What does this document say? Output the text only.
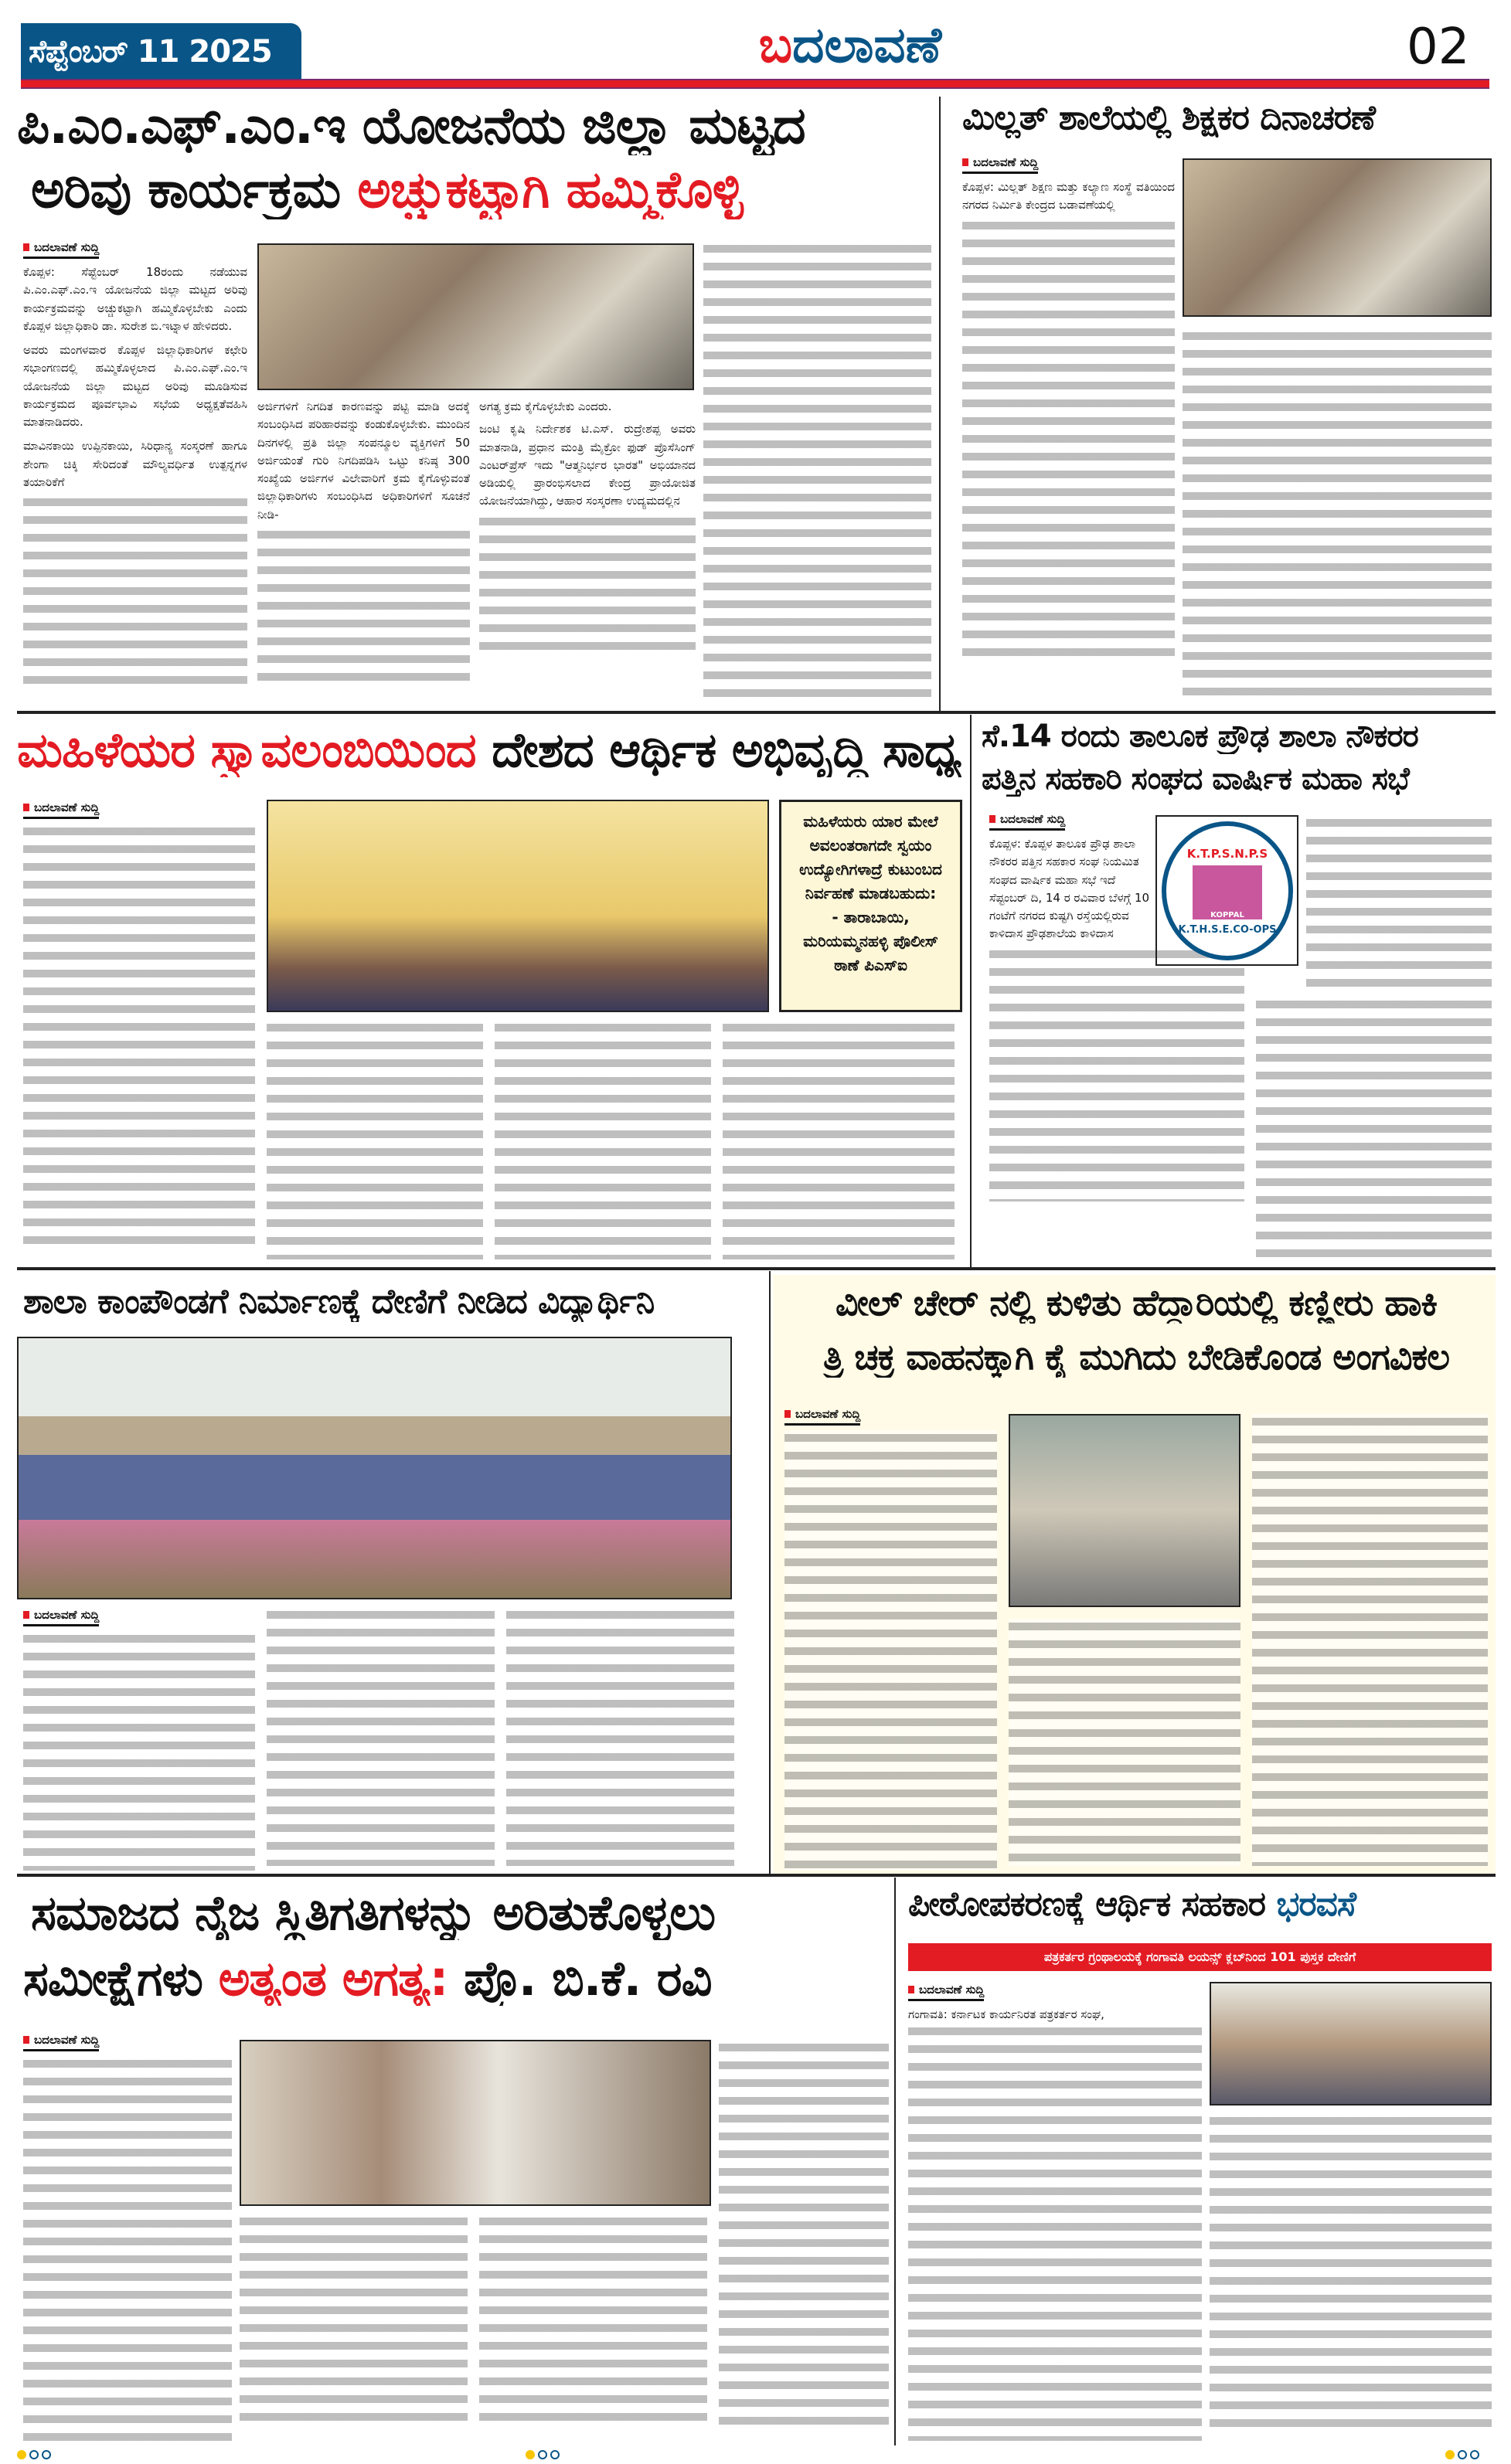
ಸೆಪ್ಟೆಂಬರ್ 11 2025	ಬದಲಾವಣೆ	02
ಪಿ.ಎಂ.ಎಫ್.ಎಂ.ಇ ಯೋಜನೆಯ ಜಿಲ್ಲಾ ಮಟ್ಟದ
ಅರಿವು ಕಾರ್ಯಕ್ರಮ ಅಚ್ಚುಕಟ್ಟಾಗಿ ಹಮ್ಮಿಕೊಳ್ಳಿ
ಬದಲಾವಣೆ ಸುದ್ದಿ

ಕೊಪ್ಪಳ: ಸೆಪ್ಟೆಂಬರ್ 18ರಂದು ನಡೆಯುವ ಪಿ.ಎಂ.ಎಫ್.ಎಂ.ಇ ಯೋಜನೆಯ ಜಿಲ್ಲಾ ಮಟ್ಟದ ಅರಿವು ಕಾರ್ಯಕ್ರಮವನ್ನು ಅಚ್ಚುಕಟ್ಟಾಗಿ ಹಮ್ಮಿಕೊಳ್ಳಬೇಕು ಎಂದು ಕೊಪ್ಪಳ ಜಿಲ್ಲಾಧಿಕಾರಿ ಡಾ. ಸುರೇಶ ಬಿ.ಇಟ್ನಾಳ ಹೇಳಿದರು.

ಅವರು ಮಂಗಳವಾರ ಕೊಪ್ಪಳ ಜಿಲ್ಲಾಧಿಕಾರಿಗಳ ಕಛೇರಿ ಸಭಾಂಗಣದಲ್ಲಿ ಹಮ್ಮಿಕೊಳ್ಳಲಾದ ಪಿ.ಎಂ.ಎಫ್.ಎಂ.ಇ ಯೋಜನೆಯ ಜಿಲ್ಲಾ ಮಟ್ಟದ ಅರಿವು ಮೂಡಿಸುವ ಕಾರ್ಯಕ್ರಮದ ಪೂರ್ವಭಾವಿ ಸಭೆಯ ಅಧ್ಯಕ್ಷತೆವಹಿಸಿ ಮಾತನಾಡಿದರು.

ಮಾವಿನಕಾಯಿ ಉಪ್ಪಿನಕಾಯಿ, ಸಿರಿಧಾನ್ಯ ಸಂಸ್ಕರಣೆ ಹಾಗೂ ಶೇಂಗಾ ಚಿಕ್ಕಿ ಸೇರಿದಂತೆ ಮೌಲ್ಯವರ್ಧಿತ ಉತ್ಪನ್ನಗಳ ತಯಾರಿಕೆಗೆ

ಅರ್ಜಿಗಳಿಗೆ ನಿಗದಿತ ಕಾರಣವನ್ನು ಪಟ್ಟಿ ಮಾಡಿ ಅದಕ್ಕೆ ಸಂಬಂಧಿಸಿದ ಪರಿಹಾರವನ್ನು ಕಂಡುಕೊಳ್ಳಬೇಕು. ಮುಂದಿನ ದಿನಗಳಲ್ಲಿ ಪ್ರತಿ ಜಿಲ್ಲಾ ಸಂಪನ್ಮೂಲ ವ್ಯಕ್ತಿಗಳಿಗೆ 50 ಅರ್ಜಿಯಂತೆ ಗುರಿ ನಿಗದಿಪಡಿಸಿ ಒಟ್ಟು ಕನಿಷ್ಠ 300 ಸಂಖ್ಯೆಯ ಅರ್ಜಿಗಳ ವಿಲೇವಾರಿಗೆ ಕ್ರಮ ಕೈಗೊಳ್ಳುವಂತೆ ಜಿಲ್ಲಾಧಿಕಾರಿಗಳು ಸಂಬಂಧಿಸಿದ ಅಧಿಕಾರಿಗಳಿಗೆ ಸೂಚನೆ ನೀಡಿ-

ಅಗತ್ಯ ಕ್ರಮ ಕೈಗೊಳ್ಳಬೇಕು ಎಂದರು.

ಜಂಟಿ ಕೃಷಿ ನಿರ್ದೇಶಕ ಟಿ.ಎಸ್. ರುದ್ರೇಶಪ್ಪ ಅವರು ಮಾತನಾಡಿ, ಪ್ರಧಾನ ಮಂತ್ರಿ ಮೈಕ್ರೋ ಫುಡ್ ಪ್ರೊಸೆಸಿಂಗ್ ಎಂಟರ್‌ಪ್ರೆಸ್ ಇದು "ಆತ್ಮನಿರ್ಭರ ಭಾರತ" ಅಭಿಯಾನದ ಅಡಿಯಲ್ಲಿ ಪ್ರಾರಂಭಿಸಲಾದ ಕೇಂದ್ರ ಪ್ರಾಯೋಜಿತ ಯೋಜನೆಯಾಗಿದ್ದು, ಆಹಾರ ಸಂಸ್ಕರಣಾ ಉದ್ಯಮದಲ್ಲಿನ

ಮಿಲ್ಲತ್ ಶಾಲೆಯಲ್ಲಿ ಶಿಕ್ಷಕರ ದಿನಾಚರಣೆ
ಬದಲಾವಣೆ ಸುದ್ದಿ

ಕೊಪ್ಪಳ: ಮಿಲ್ಲತ್ ಶಿಕ್ಷಣ ಮತ್ತು ಕಲ್ಯಾಣ ಸಂಸ್ಥೆ ವತಿಯಿಂದ ನಗರದ ನಿರ್ಮಿತಿ ಕೇಂದ್ರದ ಬಡಾವಣೆಯಲ್ಲಿ

ಮಹಿಳೆಯರ ಸ್ವಾವಲಂಬಿಯಿಂದ ದೇಶದ ಆರ್ಥಿಕ ಅಭಿವೃದ್ಧಿ ಸಾಧ್ಯ
ಬದಲಾವಣೆ ಸುದ್ದಿ
ಮಹಿಳೆಯರು ಯಾರ ಮೇಲೆ ಅವಲಂತರಾಗದೇ ಸ್ವಯಂ ಉದ್ಯೋಗಿಗಳಾದ್ರೆ ಕುಟುಂಬದ ನಿರ್ವಹಣೆ ಮಾಡಬಹುದು:
- ತಾರಾಬಾಯಿ,
ಮರಿಯಮ್ಮನಹಳ್ಳಿ ಪೊಲೀಸ್ ಠಾಣೆ ಪಿಎಸ್ಐ
ಸೆ.14 ರಂದು ತಾಲೂಕ ಪ್ರೌಢ ಶಾಲಾ ನೌಕರರ
ಪತ್ತಿನ ಸಹಕಾರಿ ಸಂಘದ ವಾರ್ಷಿಕ ಮಹಾ ಸಭೆ
ಬದಲಾವಣೆ ಸುದ್ದಿ

ಕೊಪ್ಪಳ: ಕೊಪ್ಪಳ ತಾಲೂಕ ಪ್ರೌಢ ಶಾಲಾ ನೌಕರರ ಪತ್ತಿನ ಸಹಕಾರ ಸಂಘ ನಿಯಮಿತ ಸಂಘದ ವಾರ್ಷಿಕ ಮಹಾ ಸಭೆ ಇದೆ ಸೆಪ್ಟಂಬರ್ ದಿ, 14 ರ ರವಿವಾರ ಬೆಳಗ್ಗೆ 10 ಗಂಟೆಗೆ ನಗರದ ಕುಷ್ಟಗಿ ರಸ್ತೆಯಲ್ಲಿರುವ ಕಾಳಿದಾಸ ಪ್ರೌಢಶಾಲೆಯ ಕಾಳಿದಾಸ

K.T.P.S.N.P.S
KOPPAL
K.T.H.S.E.CO-OPS
ಶಾಲಾ ಕಾಂಪೌಂಡಗೆ ನಿರ್ಮಾಣಕ್ಕೆ ದೇಣಿಗೆ ನೀಡಿದ ವಿದ್ಯಾರ್ಥಿನಿ
ಬದಲಾವಣೆ ಸುದ್ದಿ
ವೀಲ್ ಚೇರ್ ನಲ್ಲಿ ಕುಳಿತು ಹೆದ್ದಾರಿಯಲ್ಲಿ ಕಣ್ಣೀರು ಹಾಕಿ
ತ್ರಿ ಚಕ್ರ ವಾಹನಕ್ಕಾಗಿ ಕೈ ಮುಗಿದು ಬೇಡಿಕೊಂಡ ಅಂಗವಿಕಲ
ಬದಲಾವಣೆ ಸುದ್ದಿ
ಸಮಾಜದ ನೈಜ ಸ್ಥಿತಿಗತಿಗಳನ್ನು ಅರಿತುಕೊಳ್ಳಲು
ಸಮೀಕ್ಷೆಗಳು ಅತ್ಯಂತ ಅಗತ್ಯ: ಪ್ರೊ. ಬಿ.ಕೆ. ರವಿ
ಬದಲಾವಣೆ ಸುದ್ದಿ
ಪೀಠೋಪಕರಣಕ್ಕೆ ಆರ್ಥಿಕ ಸಹಕಾರ ಭರವಸೆ
ಪತ್ರಕರ್ತರ ಗ್ರಂಥಾಲಯಕ್ಕೆ ಗಂಗಾವತಿ ಲಯನ್ಸ್ ಕ್ಲಬ್‌ನಿಂದ 101 ಪುಸ್ತಕ ದೇಣಿಗೆ
ಬದಲಾವಣೆ ಸುದ್ದಿ

ಗಂಗಾವತಿ: ಕರ್ನಾಟಕ ಕಾರ್ಯನಿರತ ಪತ್ರಕರ್ತರ ಸಂಘ,
